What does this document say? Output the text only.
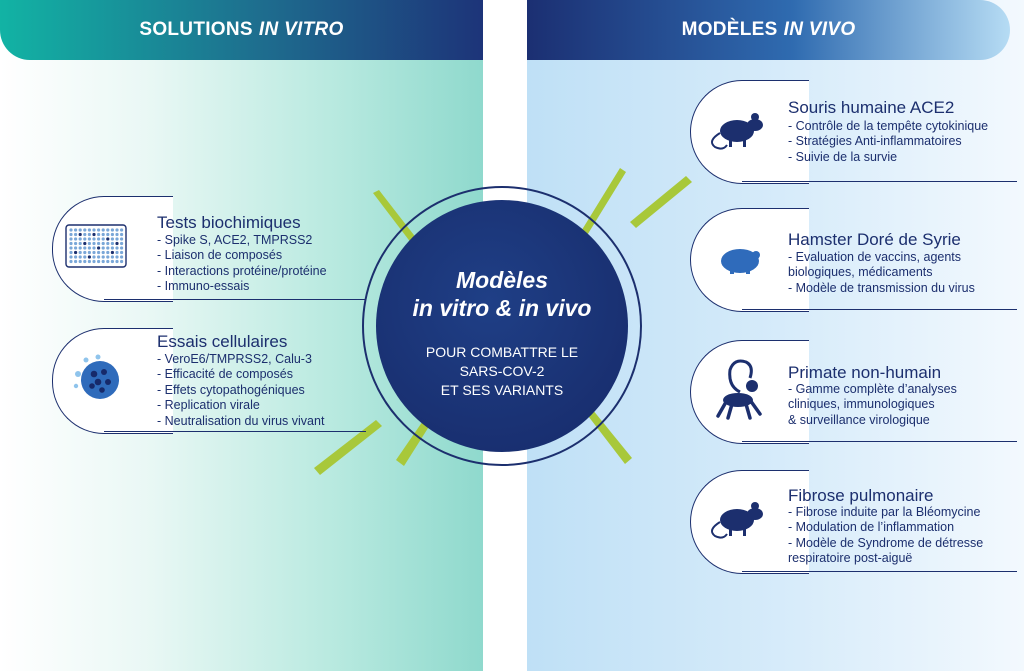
SOLUTIONS IN VITRO	MODÈLES IN VIVO
Modèles
in vitro & in vivo
POUR COMBATTRE LE
SARS-COV-2
ET SES VARIANTS
Tests biochimiques
- Spike S, ACE2, TMPRSS2
- Liaison de composés
- Interactions protéine/protéine
- Immuno-essais
Essais cellulaires
- VeroE6/TMPRSS2, Calu-3
- Efficacité de composés
- Effets cytopathogéniques
- Replication virale
- Neutralisation du virus vivant
Souris humaine ACE2
- Contrôle de la tempête cytokinique
- Stratégies Anti-inflammatoires
- Suivie de la survie
Hamster Doré de Syrie
- Evaluation de vaccins, agents
biologiques, médicaments
- Modèle de transmission du virus
Primate non-humain
- Gamme complète d’analyses
cliniques, immunologiques
& surveillance virologique
Fibrose pulmonaire
- Fibrose induite par la Bléomycine
- Modulation de l’inflammation
- Modèle de Syndrome de détresse
respiratoire post-aiguë
